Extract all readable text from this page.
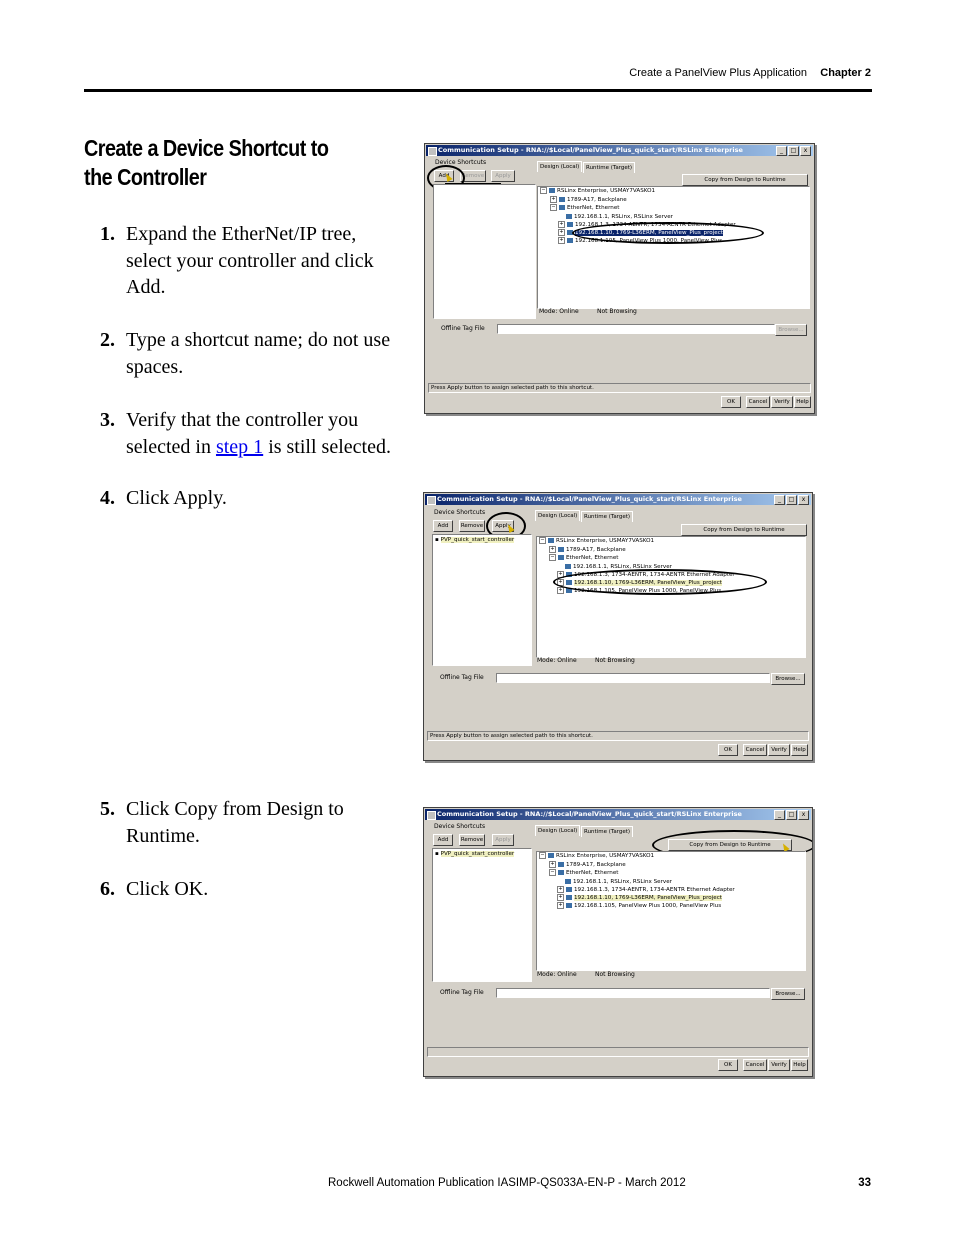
Create a PanelView Plus Application Chapter 2
Create a Device Shortcut to the Controller
1. Expand the EtherNet/IP tree, select your controller and click Add.
2. Type a shortcut name; do not use spaces.
3. Verify that the controller you selected in step 1 is still selected.
4. Click Apply.
5. Click Copy from Design to Runtime.
6. Click OK.
Communication Setup - RNA://$Local/PanelView_Plus_quick_start/RSLinx Enterprise	_	□	x
Device Shortcuts
Add	Remove	Apply
Design (Local)	Runtime (Target)
Copy from Design to Runtime
− RSLinx Enterprise, USMAY7VASKO1
+ 1789-A17, Backplane
− EtherNet, Ethernet
192.168.1.1, RSLinx, RSLinx Server
+ 192.168.1.3, 1734-AENTR, 1734-AENTR Ethernet Adapter
+ 192.168.1.10, 1769-L36ERM, PanelView_Plus_project
+ 192.168.1.105, PanelView Plus 1000, PanelView Plus
Mode: Online	Not Browsing
Offline Tag File	Browse...
Press Apply button to assign selected path to this shortcut.
OK	Cancel	Verify	Help
Communication Setup - RNA://$Local/PanelView_Plus_quick_start/RSLinx Enterprise	_	□	x
Device Shortcuts
Add	Remove	Apply
▪ PVP_quick_start_controller
Design (Local)	Runtime (Target)
Copy from Design to Runtime
− RSLinx Enterprise, USMAY7VASKO1
+ 1789-A17, Backplane
− EtherNet, Ethernet
192.168.1.1, RSLinx, RSLinx Server
+ 192.168.1.3, 1734-AENTR, 1734-AENTR Ethernet Adapter
+ 192.168.1.10, 1769-L36ERM, PanelView_Plus_project
+ 192.168.1.105, PanelView Plus 1000, PanelView Plus
Mode: Online	Not Browsing
Offline Tag File	Browse...
Press Apply button to assign selected path to this shortcut.
OK	Cancel	Verify	Help
Communication Setup - RNA://$Local/PanelView_Plus_quick_start/RSLinx Enterprise	_	□	x
Device Shortcuts
Add	Remove	Apply
▪ PVP_quick_start_controller
Design (Local)	Runtime (Target)
Copy from Design to Runtime
− RSLinx Enterprise, USMAY7VASKO1
+ 1789-A17, Backplane
− EtherNet, Ethernet
192.168.1.1, RSLinx, RSLinx Server
+ 192.168.1.3, 1734-AENTR, 1734-AENTR Ethernet Adapter
+ 192.168.1.10, 1769-L36ERM, PanelView_Plus_project
+ 192.168.1.105, PanelView Plus 1000, PanelView Plus
Mode: Online	Not Browsing
Offline Tag File	Browse...
OK	Cancel	Verify	Help
Rockwell Automation Publication IASIMP-QS033A-EN-P - March 2012	33
